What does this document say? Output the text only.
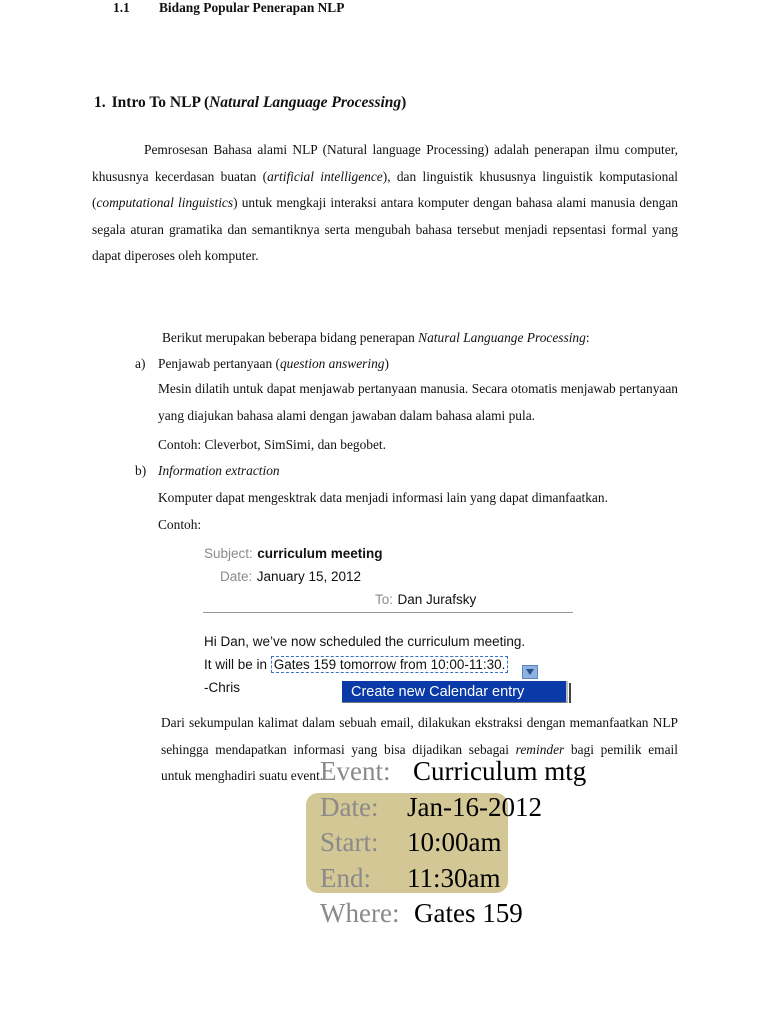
1. Intro To NLP (Natural Language Processing)
Pemrosesan Bahasa alami NLP (Natural language Processing) adalah penerapan ilmu computer, khususnya kecerdasan buatan (artificial intelligence), dan linguistik khususnya linguistik komputasional (computational linguistics) untuk mengkaji interaksi antara komputer dengan bahasa alami manusia dengan segala aturan gramatika dan semantiknya serta mengubah bahasa tersebut menjadi repsentasi formal yang dapat diperoses oleh komputer.
1.1 Bidang Popular Penerapan NLP
Berikut merupakan beberapa bidang penerapan Natural Languange Processing:
a) Penjawab pertanyaan (question answering)
Mesin dilatih untuk dapat menjawab pertanyaan manusia. Secara otomatis menjawab pertanyaan yang diajukan bahasa alami dengan jawaban dalam bahasa alami pula.
Contoh: Cleverbot, SimSimi, dan begobet.
b) Information extraction
Komputer dapat mengesktrak data menjadi informasi lain yang dapat dimanfaatkan.
Contoh:
Subject: curriculum meeting
Date: January 15, 2012
To: Dan Jurafsky
Hi Dan, we’ve now scheduled the curriculum meeting.
It will be in Gates 159 tomorrow from 10:00-11:30.
-Chris	Create new Calendar entry
Dari sekumpulan kalimat dalam sebuah email, dilakukan ekstraksi dengan memanfaatkan NLP sehingga mendapatkan informasi yang bisa dijadikan sebagai reminder bagi pemilik email untuk menghadiri suatu event.
Event: Curriculum mtg
Date: Jan-16-2012
Start: 10:00am
End: 11:30am
Where: Gates 159
